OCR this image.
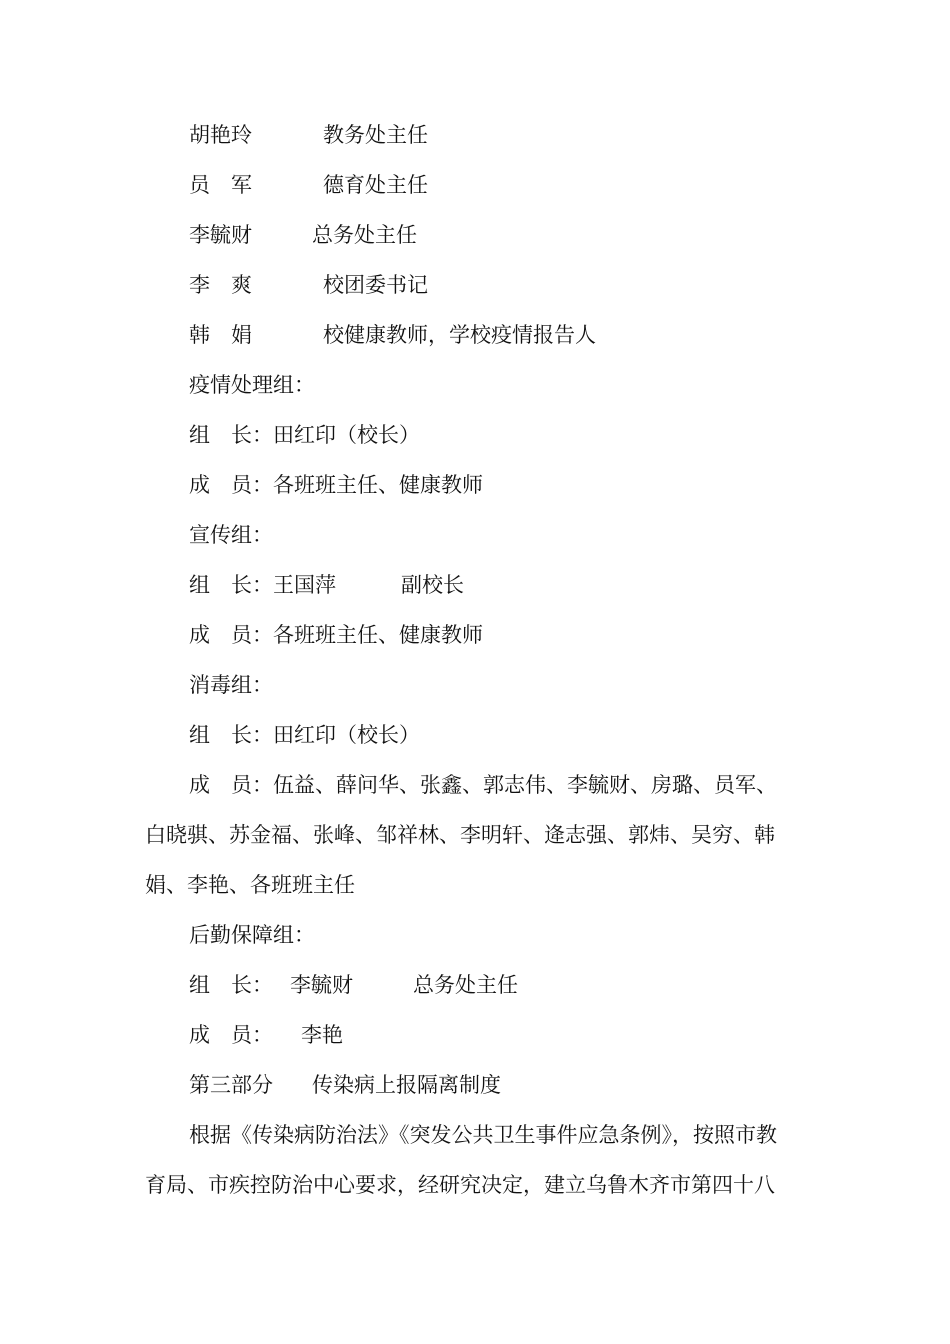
胡艳玲	教务处主任
员　军	德育处主任
李毓财	总务处主任
李　爽	校团委书记
韩　娟	校健康教师，学校疫情报告人

疫情处理组：

组　长：田红印（校长）

成　员：各班班主任、健康教师

宣传组：

组　长：王国萍	副校长

成　员：各班班主任、健康教师

消毒组：

组　长：田红印（校长）

成　员：伍益、薛问华、张鑫、郭志伟、李毓财、房璐、员军、

白晓骐、苏金福、张峰、邹祥林、李明轩、逄志强、郭炜、吴穷、韩

娟、李艳、各班班主任

后勤保障组：

组　长： 李毓财	总务处主任
成　员： 李艳
第三部分 传染病上报隔离制度

根据《传染病防治法》《突发公共卫生事件应急条例》，按照市教

育局、市疾控防治中心要求，经研究决定，建立乌鲁木齐市第四十八
